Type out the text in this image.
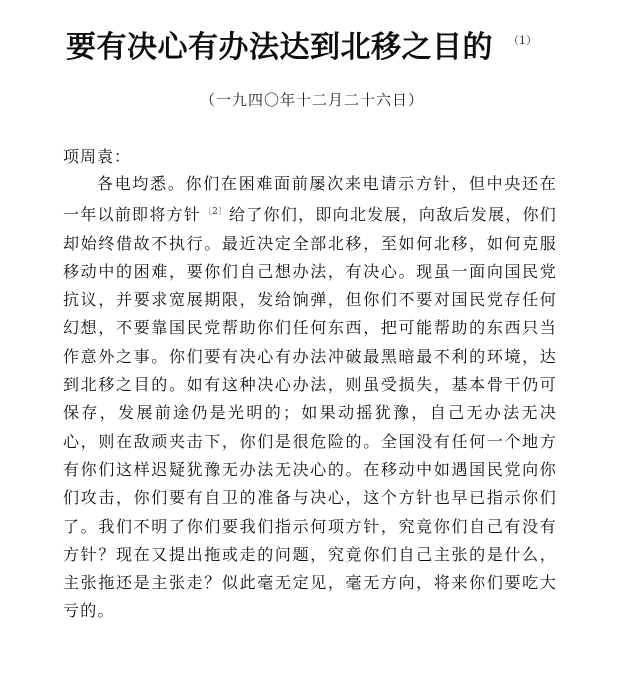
要有决心有办法达到北移之目的 （1）
（一九四〇年十二月二十六日）
项周袁：

各电均悉。你们在困难面前屡次来电请示方针，但中央还在一年以前即将方针 $^{〔2〕}$ 给了你们，即向北发展，向敌后发展，你们却始终借故不执行。最近决定全部北移，至如何北移，如何克服移动中的困难，要你们自己想办法，有决心。现虽一面向国民党抗议，并要求宽展期限，发给饷弹，但你们不要对国民党存任何幻想，不要靠国民党帮助你们任何东西，把可能帮助的东西只当作意外之事。你们要有决心有办法冲破最黑暗最不利的环境，达到北移之目的。如有这种决心办法，则虽受损失，基本骨干仍可保存，发展前途仍是光明的；如果动摇犹豫，自己无办法无决心，则在敌顽夹击下，你们是很危险的。全国没有任何一个地方有你们这样迟疑犹豫无办法无决心的。在移动中如遇国民党向你们攻击，你们要有自卫的准备与决心，这个方针也早已指示你们了。我们不明了你们要我们指示何项方针，究竟你们自己有没有方针？现在又提出拖或走的问题，究竟你们自己主张的是什么，主张拖还是主张走？似此毫无定见，毫无方向，将来你们要吃大亏的。
